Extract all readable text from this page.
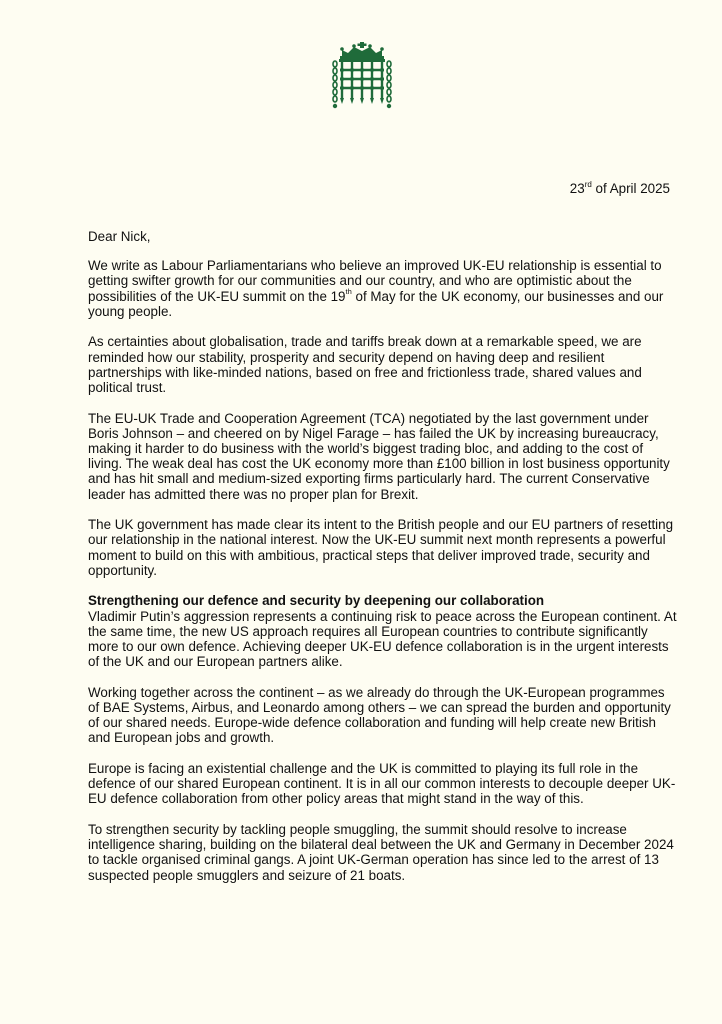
23rd of April 2025

Dear Nick,

We write as Labour Parliamentarians who believe an improved UK-EU relationship is essential to getting swifter growth for our communities and our country, and who are optimistic about the possibilities of the UK-EU summit on the 19th of May for the UK economy, our businesses and our young people.

As certainties about globalisation, trade and tariffs break down at a remarkable speed, we are reminded how our stability, prosperity and security depend on having deep and resilient partnerships with like-minded nations, based on free and frictionless trade, shared values and political trust.

The EU-UK Trade and Cooperation Agreement (TCA) negotiated by the last government under Boris Johnson – and cheered on by Nigel Farage – has failed the UK by increasing bureaucracy, making it harder to do business with the world’s biggest trading bloc, and adding to the cost of living. The weak deal has cost the UK economy more than £100 billion in lost business opportunity and has hit small and medium-sized exporting firms particularly hard. The current Conservative leader has admitted there was no proper plan for Brexit.

The UK government has made clear its intent to the British people and our EU partners of resetting our relationship in the national interest. Now the UK-EU summit next month represents a powerful moment to build on this with ambitious, practical steps that deliver improved trade, security and opportunity.

Strengthening our defence and security by deepening our collaboration
Vladimir Putin’s aggression represents a continuing risk to peace across the European continent. At the same time, the new US approach requires all European countries to contribute significantly more to our own defence. Achieving deeper UK-EU defence collaboration is in the urgent interests of the UK and our European partners alike.

Working together across the continent – as we already do through the UK-European programmes of BAE Systems, Airbus, and Leonardo among others – we can spread the burden and opportunity of our shared needs. Europe-wide defence collaboration and funding will help create new British and European jobs and growth.

Europe is facing an existential challenge and the UK is committed to playing its full role in the defence of our shared European continent. It is in all our common interests to decouple deeper UK-EU defence collaboration from other policy areas that might stand in the way of this.

To strengthen security by tackling people smuggling, the summit should resolve to increase intelligence sharing, building on the bilateral deal between the UK and Germany in December 2024 to tackle organised criminal gangs. A joint UK-German operation has since led to the arrest of 13 suspected people smugglers and seizure of 21 boats.
